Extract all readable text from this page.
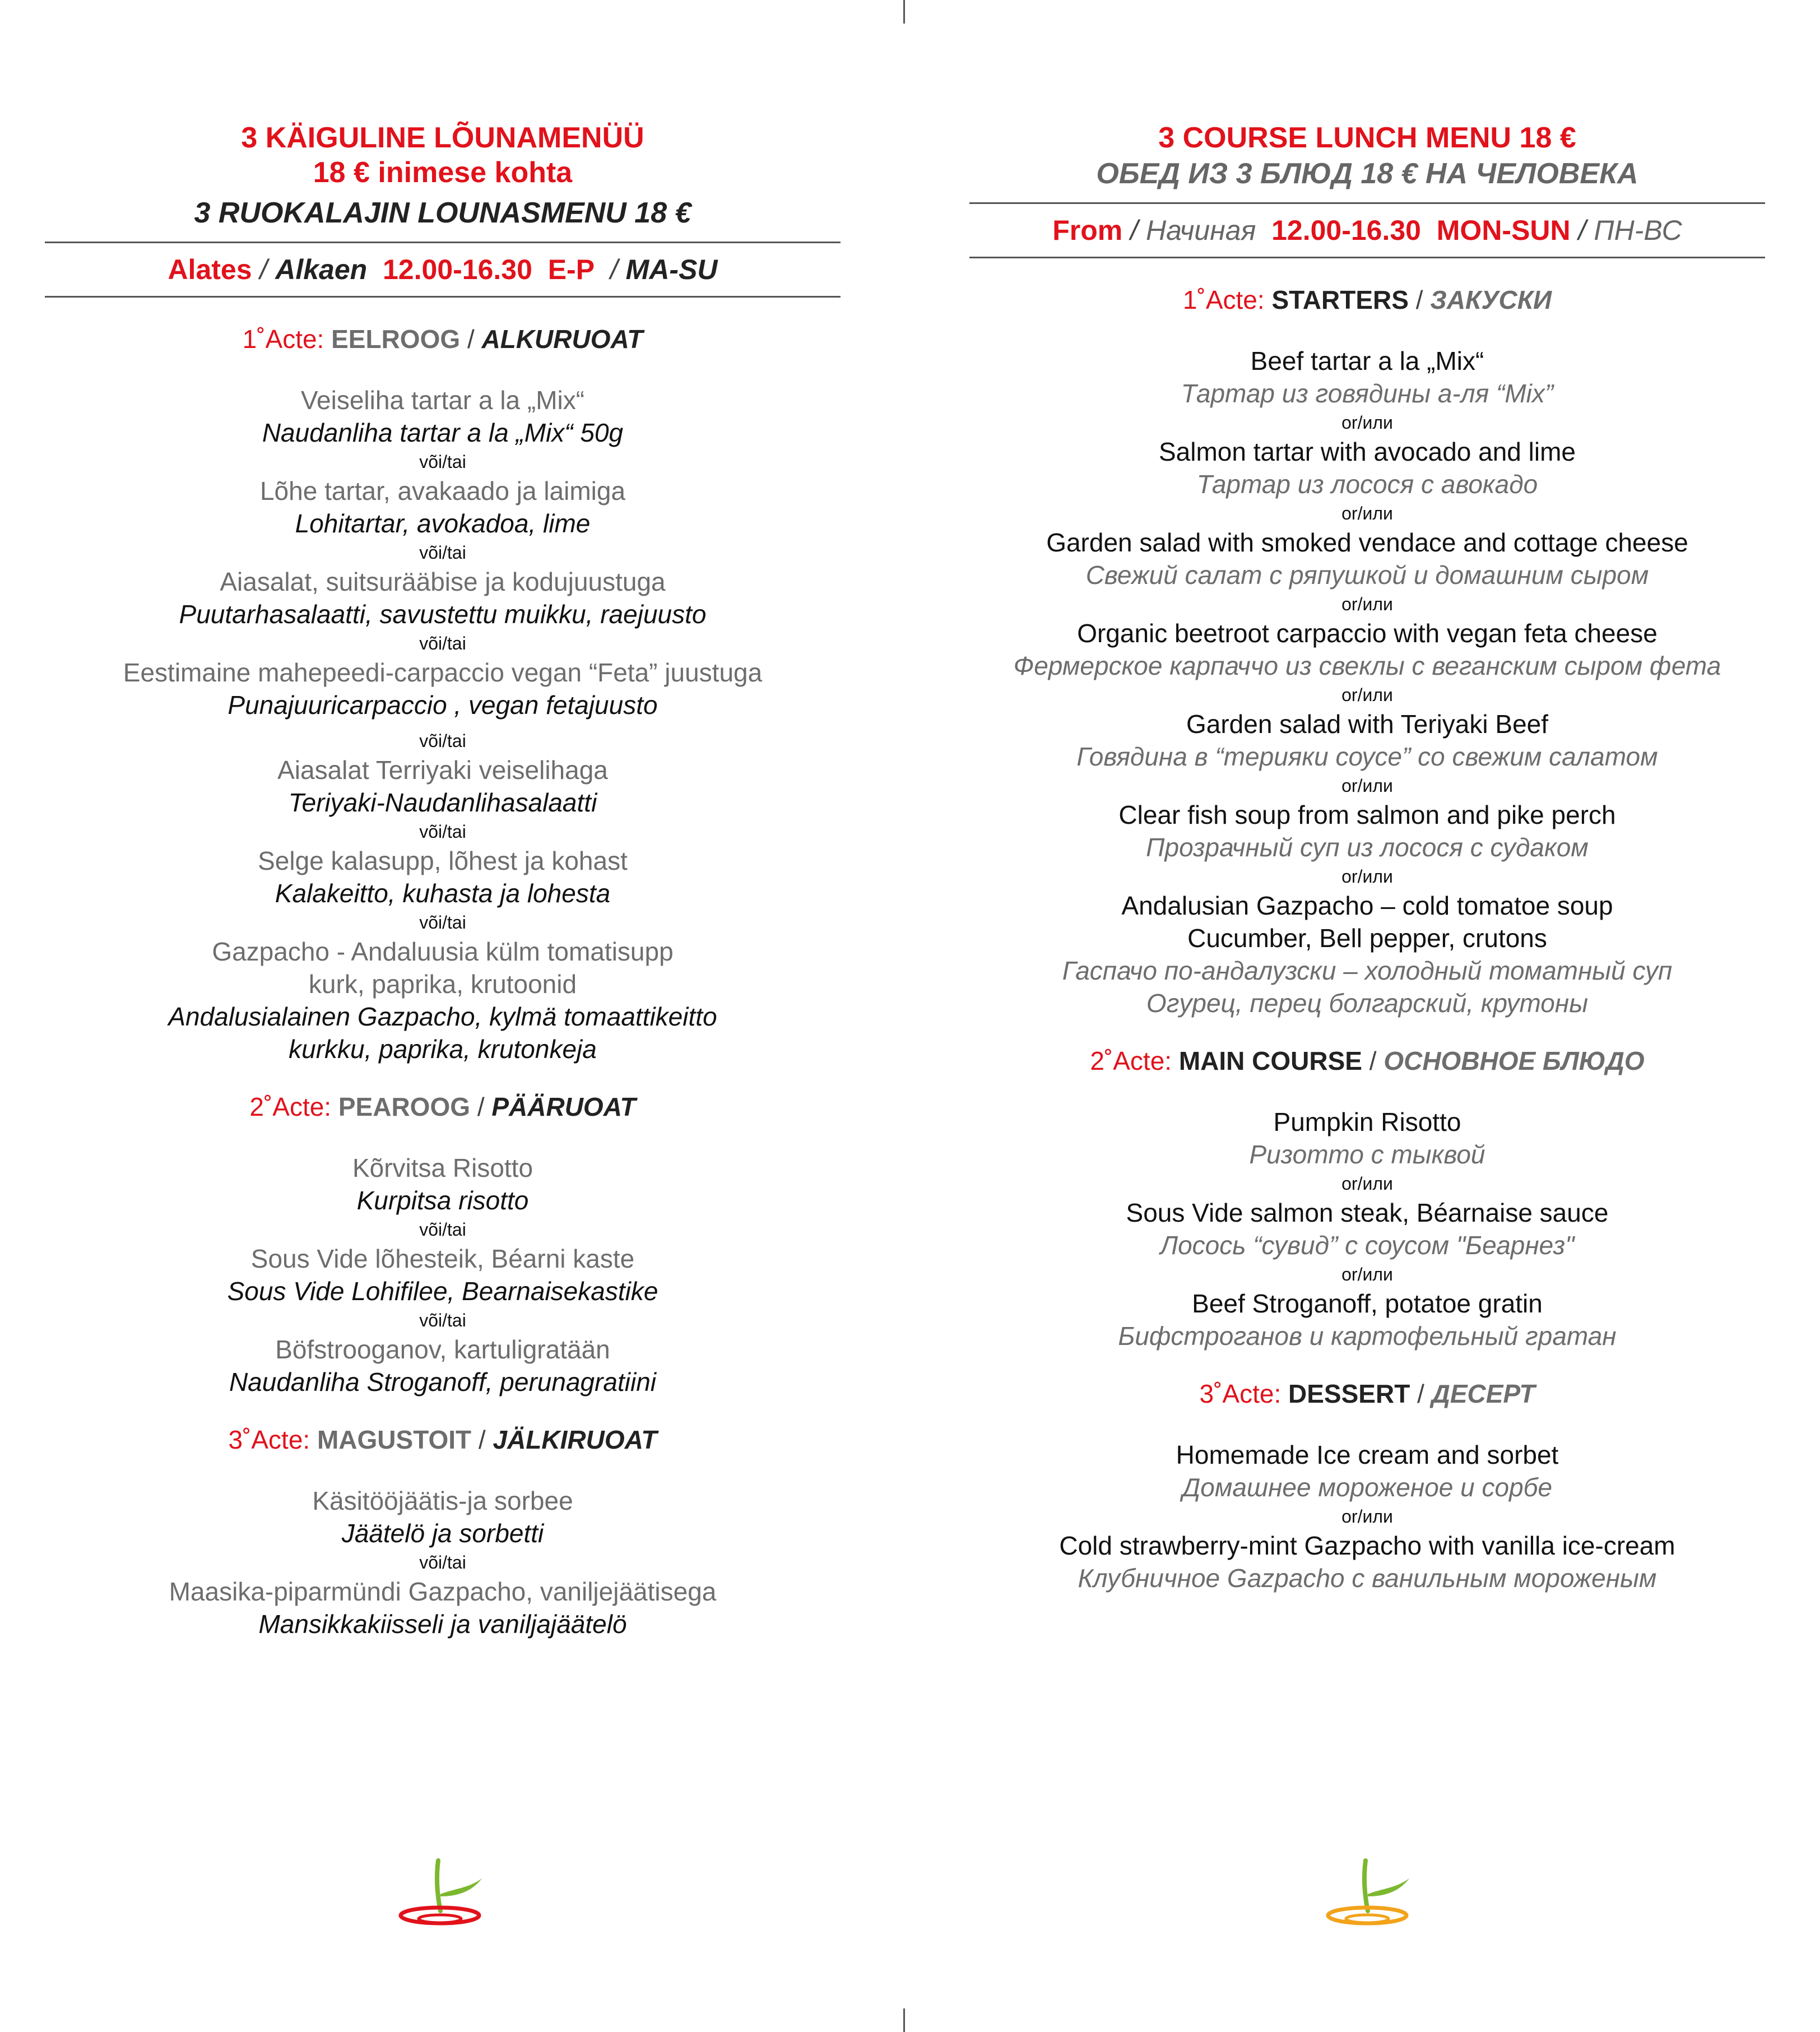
3 KÄIGULINE LÕUNAMENÜÜ
18 € inimese kohta
3 RUOKALAJIN LOUNASMENU 18 €
Alates / Alkaen 12.00-16.30 E-P / MA-SU
1˚Acte: EELROOG / ALKURUOAT
Veiseliha tartar a la „Mix“
Naudanliha tartar a la „Mix“ 50g
või/tai
Lõhe tartar, avakaado ja laimiga
Lohitartar, avokadoa, lime
või/tai
Aiasalat, suitsurääbise ja kodujuustuga
Puutarhasalaatti, savustettu muikku, raejuusto
või/tai
Eestimaine mahepeedi-carpaccio vegan “Feta” juustuga
Punajuuricarpaccio , vegan fetajuusto
või/tai
Aiasalat Terriyaki veiselihaga
Teriyaki-Naudanlihasalaatti
või/tai
Selge kalasupp, lõhest ja kohast
Kalakeitto, kuhasta ja lohesta
või/tai
Gazpacho - Andaluusia külm tomatisupp
kurk, paprika, krutoonid
Andalusialainen Gazpacho, kylmä tomaattikeitto
kurkku, paprika, krutonkeja
2˚Acte: PEAROOG / PÄÄRUOAT
Kõrvitsa Risotto
Kurpitsa risotto
või/tai
Sous Vide lõhesteik, Béarni kaste
Sous Vide Lohifilee, Bearnaisekastike
või/tai
Böfstrooganov, kartuligratään
Naudanliha Stroganoff, perunagratiini
3˚Acte: MAGUSTOIT / JÄLKIRUOAT
Käsitööjäätis-ja sorbee
Jäätelö ja sorbetti
või/tai
Maasika-piparmündi Gazpacho, vaniljejäätisega
Mansikkakiisseli ja vaniljajäätelö
3 COURSE LUNCH MENU 18 €
ОБЕД ИЗ 3 БЛЮД 18 € НА ЧЕЛОВЕКА
From / Начиная 12.00-16.30 MON-SUN / ПН-ВС
1˚Acte: STARTERS / ЗАКУСКИ
Beef tartar a la „Mix“
Тартар из говядины а-ля “Mix”
or/или
Salmon tartar with avocado and lime
Тартар из лосося с авокадо
or/или
Garden salad with smoked vendace and cottage cheese
Свежий салат с ряпушкой и домашним сыром
or/или
Organic beetroot carpaccio with vegan feta cheese
Фермерское карпаччо из свеклы с веганским сыром фета
or/или
Garden salad with Teriyaki Beef
Говядина в “терияки соусе” со свежим салатом
or/или
Clear fish soup from salmon and pike perch
Прозрачный суп из лосося с судаком
or/или
Andalusian Gazpacho – cold tomatoe soup
Cucumber, Bell pepper, crutons
Гаспачо по-андалузски – холодный томатный суп
Огурец, перец болгарский, крутоны
2˚Acte: MAIN COURSE / ОСНОВНОЕ БЛЮДО
Pumpkin Risotto
Ризотто с тыквой
or/или
Sous Vide salmon steak, Béarnaise sauce
Лосось “сувид” с соусом "Беарнез"
or/или
Beef Stroganoff, potatoe gratin
Бифстроганов и картофельный гратан
3˚Acte: DESSERT / ДЕСЕРТ
Homemade Ice cream and sorbet
Домашнее мороженое и сорбе
or/или
Cold strawberry-mint Gazpacho with vanilla ice-cream
Клубничное Gazpacho с ванильным мороженым
